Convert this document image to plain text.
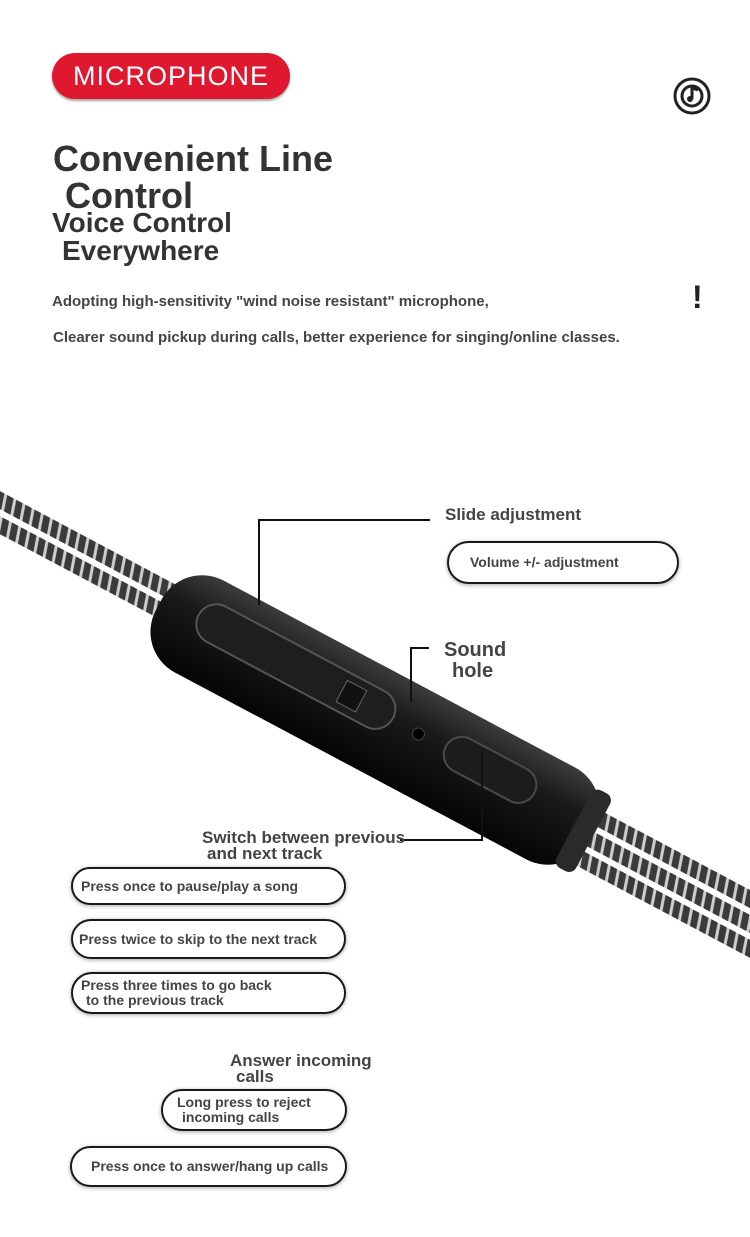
MICROPHONE
Convenient Line
Control
Voice Control
Everywhere
Adopting high-sensitivity "wind noise resistant" microphone,
Clearer sound pickup during calls, better experience for singing/online classes.
!
Slide adjustment
Volume +/- adjustment
Sound
hole
Switch between previous
and next track
Press once to pause/play a song
Press twice to skip to the next track
Press three times to go back
to the previous track
Answer incoming
calls
Long press to reject
incoming calls
Press once to answer/hang up calls
